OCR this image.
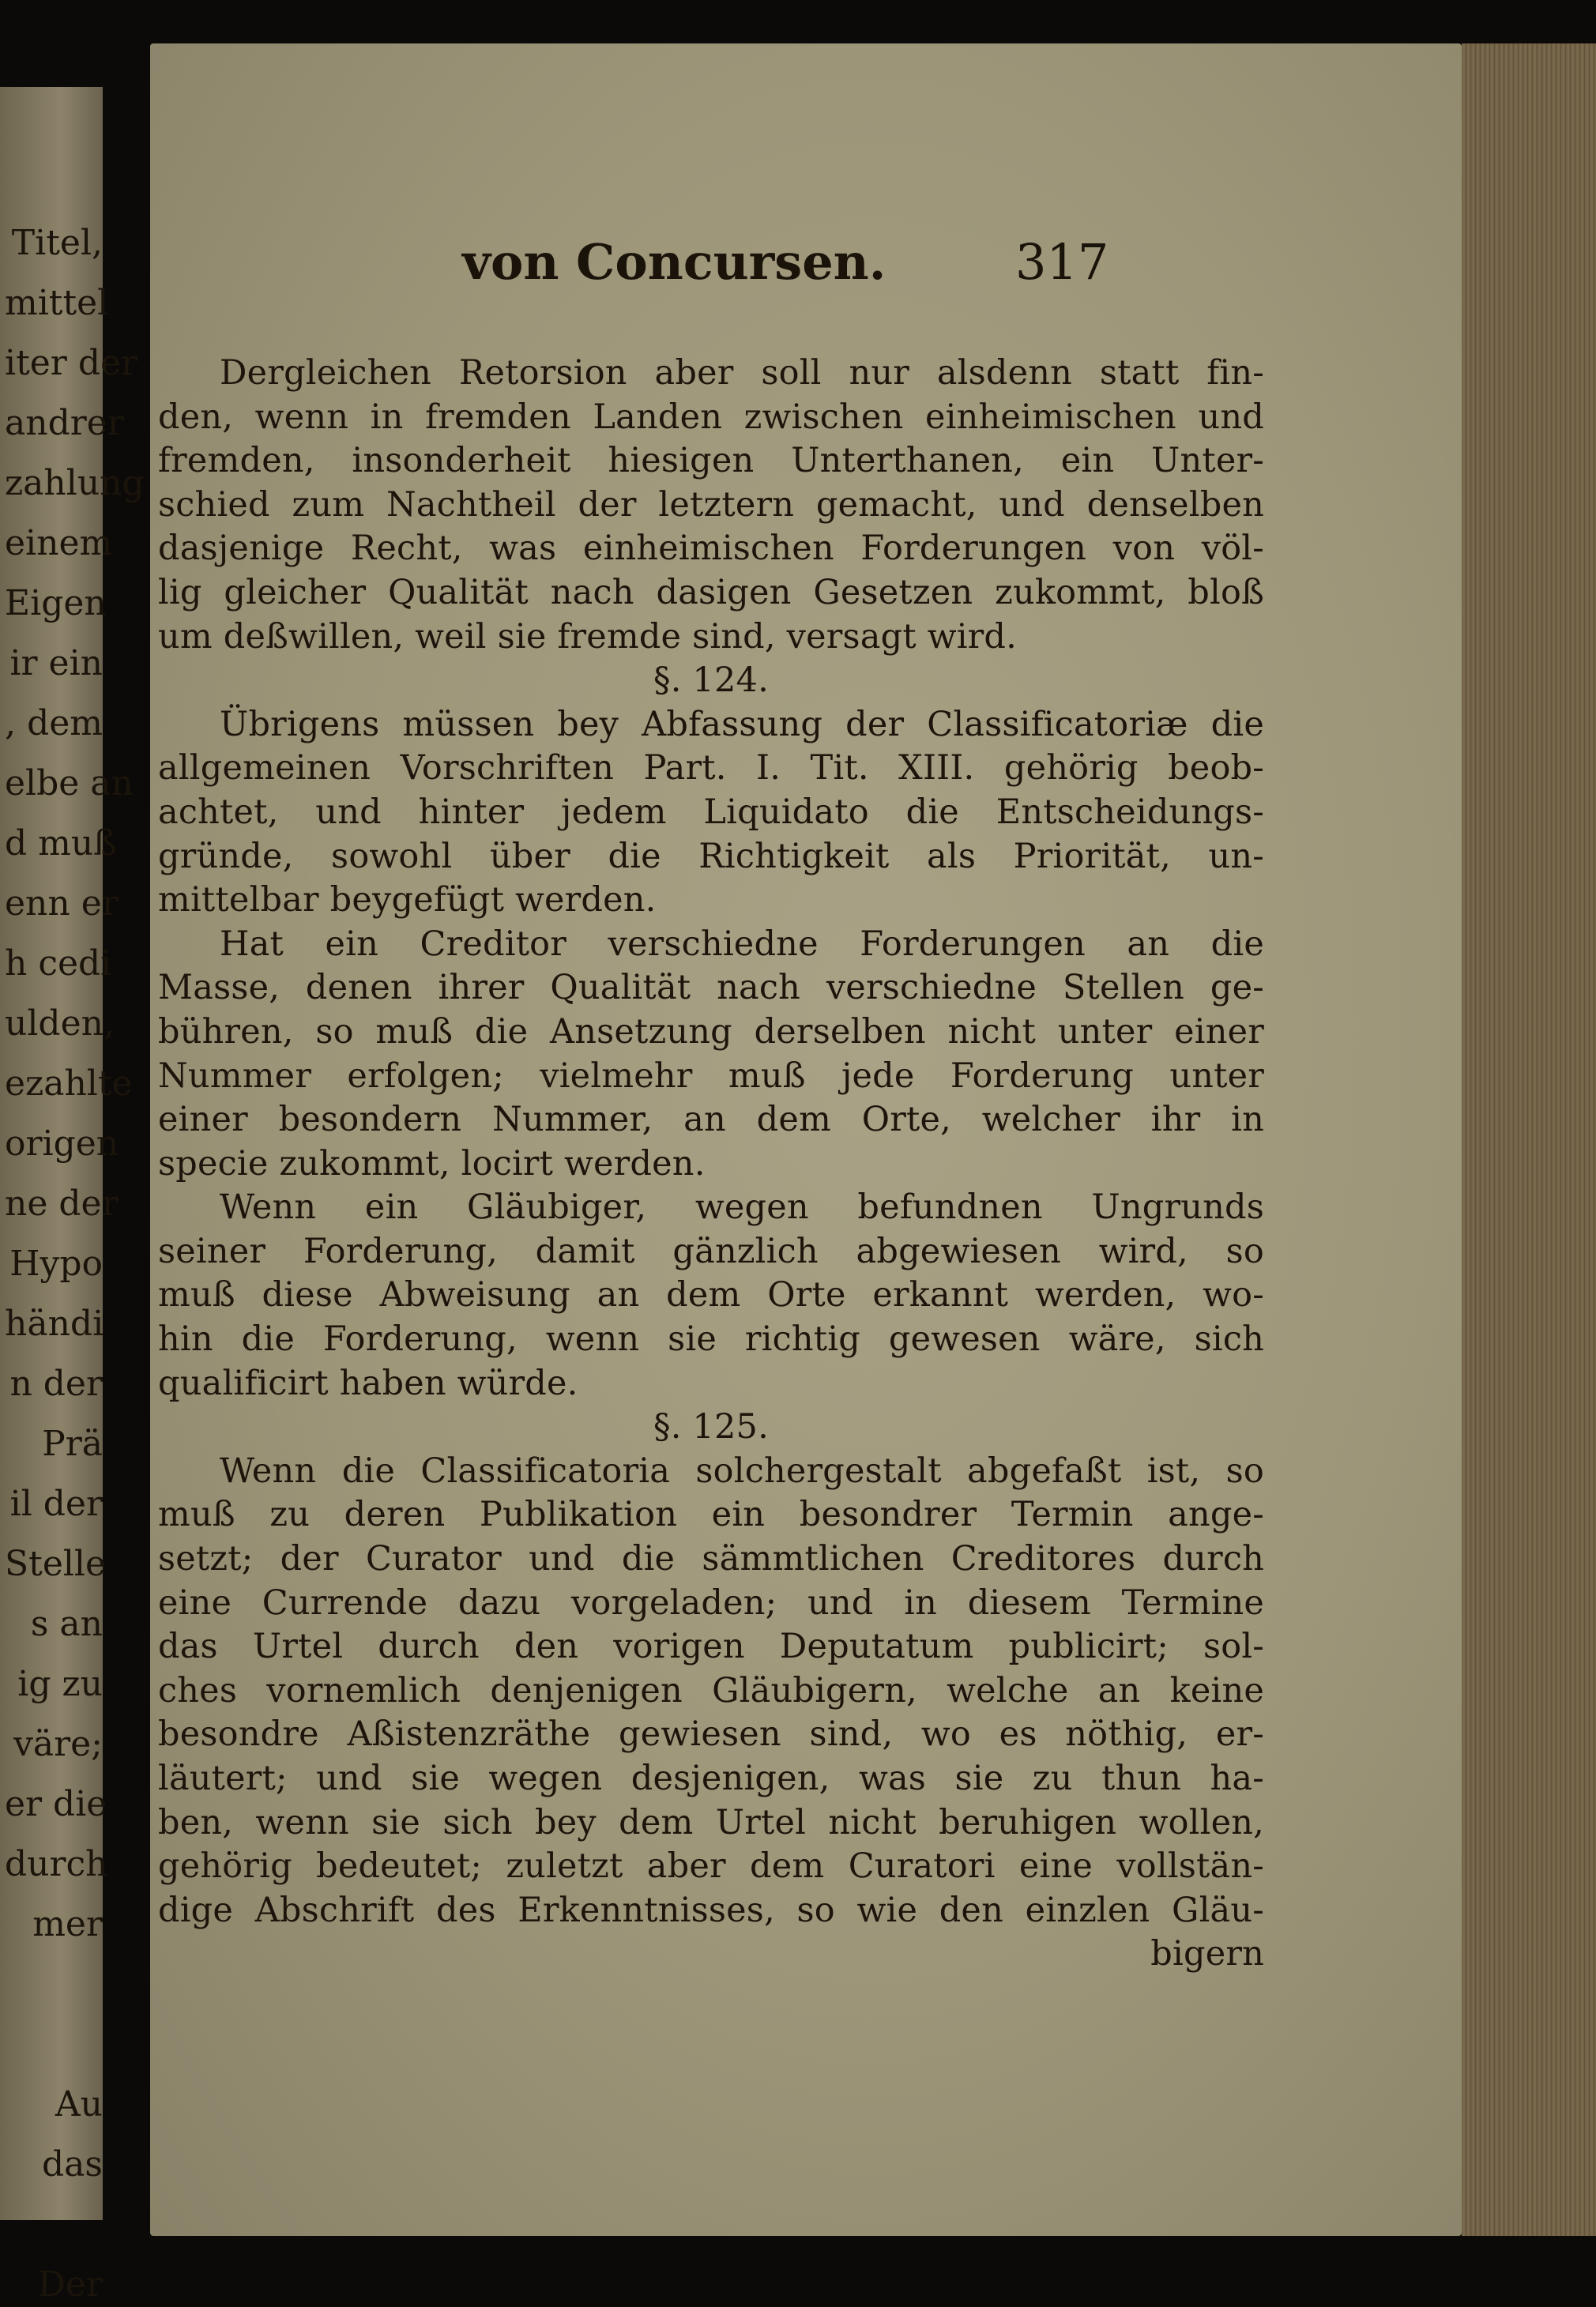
Titel,
mittel
iter der
andrer
zahlung
einem
Eigen
ir ein
, dem
elbe an
d muß
enn er
h cedi
ulden,
ezahlte
origen
ne der
Hypo
händi
n der
Prä
il der
Stelle
s an
ig zu
väre;
er die
durch
mer
Au
das
Der
von Concursen.	317
Dergleichen Retorsion aber soll nur alsdenn statt fin-
den, wenn in fremden Landen zwischen einheimischen und
fremden, insonderheit hiesigen Unterthanen, ein Unter-
schied zum Nachtheil der letztern gemacht, und denselben
dasjenige Recht, was einheimischen Forderungen von völ-
lig gleicher Qualität nach dasigen Gesetzen zukommt, bloß
um deßwillen, weil sie fremde sind, versagt wird.
§. 124.
Übrigens müssen bey Abfassung der Classificatoriæ die
allgemeinen Vorschriften Part. I. Tit. XIII. gehörig beob-
achtet, und hinter jedem Liquidato die Entscheidungs-
gründe, sowohl über die Richtigkeit als Priorität, un-
mittelbar beygefügt werden.
Hat ein Creditor verschiedne Forderungen an die
Masse, denen ihrer Qualität nach verschiedne Stellen ge-
bühren, so muß die Ansetzung derselben nicht unter einer
Nummer erfolgen; vielmehr muß jede Forderung unter
einer besondern Nummer, an dem Orte, welcher ihr in
specie zukommt, locirt werden.
Wenn ein Gläubiger, wegen befundnen Ungrunds
seiner Forderung, damit gänzlich abgewiesen wird, so
muß diese Abweisung an dem Orte erkannt werden, wo-
hin die Forderung, wenn sie richtig gewesen wäre, sich
qualificirt haben würde.
§. 125.
Wenn die Classificatoria solchergestalt abgefaßt ist, so
muß zu deren Publikation ein besondrer Termin ange-
setzt; der Curator und die sämmtlichen Creditores durch
eine Currende dazu vorgeladen; und in diesem Termine
das Urtel durch den vorigen Deputatum publicirt; sol-
ches vornemlich denjenigen Gläubigern, welche an keine
besondre Aßistenzräthe gewiesen sind, wo es nöthig, er-
läutert; und sie wegen desjenigen, was sie zu thun ha-
ben, wenn sie sich bey dem Urtel nicht beruhigen wollen,
gehörig bedeutet; zuletzt aber dem Curatori eine vollstän-
dige Abschrift des Erkenntnisses, so wie den einzlen Gläu-
bigern
